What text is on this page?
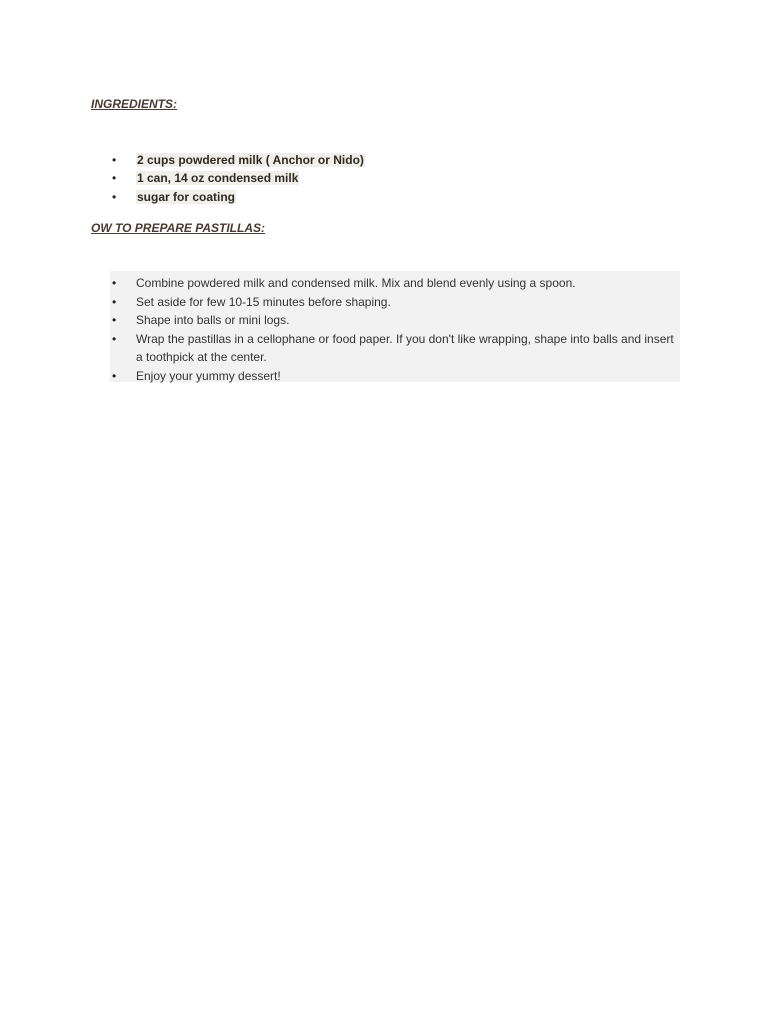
INGREDIENTS:
• 2 cups powdered milk ( Anchor or Nido)
• 1 can, 14 oz condensed milk
• sugar for coating
OW TO PREPARE PASTILLAS:
• Combine powdered milk and condensed milk. Mix and blend evenly using a spoon.
• Set aside for few 10-15 minutes before shaping.
• Shape into balls or mini logs.
• Wrap the pastillas in a cellophane or food paper. If you don't like wrapping, shape into balls and insert a toothpick at the center.
• Enjoy your yummy dessert!
